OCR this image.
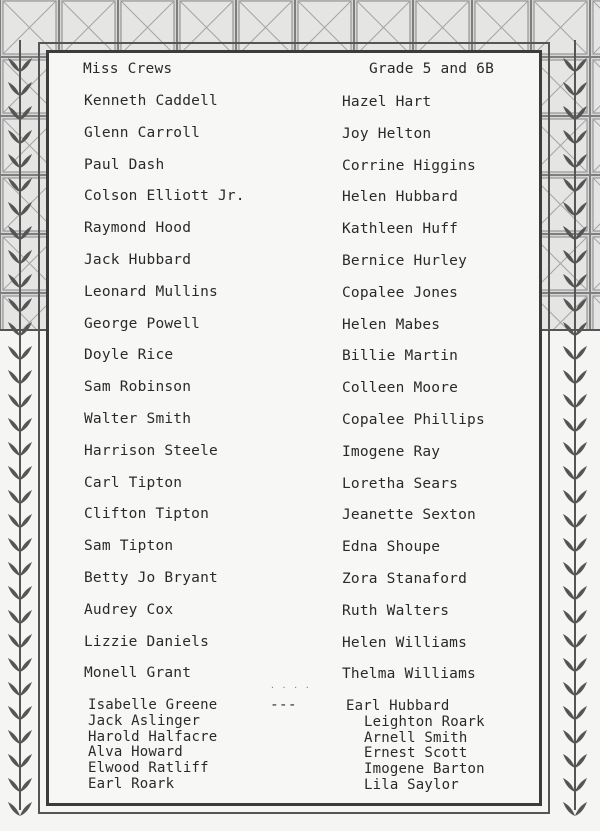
Miss Crews	Grade 5 and 6B
Kenneth Caddell
Glenn Carroll
Paul Dash
Colson Elliott Jr.
Raymond Hood
Jack Hubbard
Leonard Mullins
George Powell
Doyle Rice
Sam Robinson
Walter Smith
Harrison Steele
Carl Tipton
Clifton Tipton
Sam Tipton
Betty Jo Bryant
Audrey Cox
Lizzie Daniels
Monell Grant
Hazel Hart
Joy Helton
Corrine Higgins
Helen Hubbard
Kathleen Huff
Bernice Hurley
Copalee Jones
Helen Mabes
Billie Martin
Colleen Moore
Copalee Phillips
Imogene Ray
Loretha Sears
Jeanette Sexton
Edna Shoupe
Zora Stanaford
Ruth Walters
Helen Williams
Thelma Williams
Isabelle Greene
Jack Aslinger
Harold Halfacre
Alva Howard
Elwood Ratliff
Earl Roark
Earl Hubbard
Leighton Roark
Arnell Smith
Ernest Scott
Imogene Barton
Lila Saylor
. . . .
---
